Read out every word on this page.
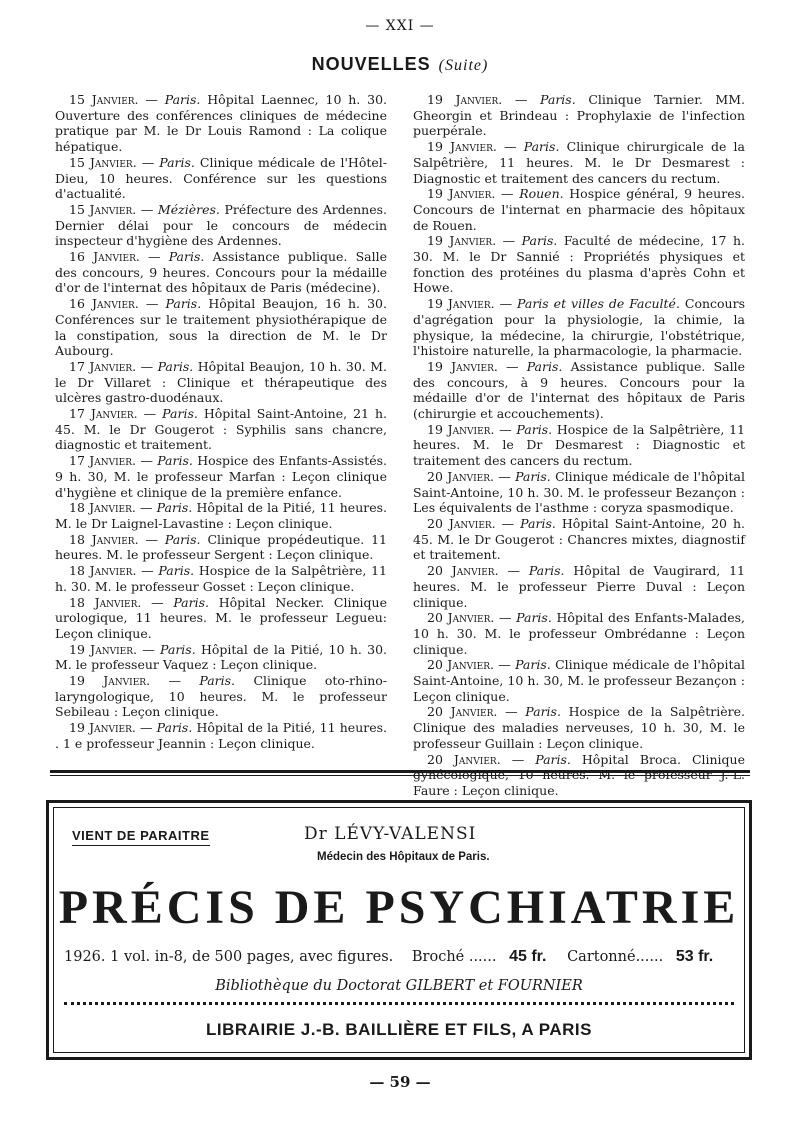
— XXI —
NOUVELLES (Suite)

15 Janvier. — Paris. Hôpital Laennec, 10 h. 30. Ouverture des conférences cliniques de médecine pratique par M. le Dr Louis Ramond : La colique hépatique.

15 Janvier. — Paris. Clinique médicale de l'Hôtel-Dieu, 10 heures. Conférence sur les questions d'actualité.

15 Janvier. — Mézières. Préfecture des Ardennes. Dernier délai pour le concours de médecin inspecteur d'hygiène des Ardennes.

16 Janvier. — Paris. Assistance publique. Salle des concours, 9 heures. Concours pour la médaille d'or de l'internat des hôpitaux de Paris (médecine).

16 Janvier. — Paris. Hôpital Beaujon, 16 h. 30. Conférences sur le traitement physiothérapique de la constipation, sous la direction de M. le Dr Aubourg.

17 Janvier. — Paris. Hôpital Beaujon, 10 h. 30. M. le Dr Villaret : Clinique et thérapeutique des ulcères gastro-duodénaux.

17 Janvier. — Paris. Hôpital Saint-Antoine, 21 h. 45. M. le Dr Gougerot : Syphilis sans chancre, diagnostic et traitement.

17 Janvier. — Paris. Hospice des Enfants-Assistés. 9 h. 30, M. le professeur Marfan : Leçon clinique d'hygiène et clinique de la première enfance.

18 Janvier. — Paris. Hôpital de la Pitié, 11 heures. M. le Dr Laignel-Lavastine : Leçon clinique.

18 Janvier. — Paris. Clinique propédeutique. 11 heures. M. le professeur Sergent : Leçon clinique.

18 Janvier. — Paris. Hospice de la Salpêtrière, 11 h. 30. M. le professeur Gosset : Leçon clinique.

18 Janvier. — Paris. Hôpital Necker. Clinique urologique, 11 heures. M. le professeur Legueu: Leçon clinique.

19 Janvier. — Paris. Hôpital de la Pitié, 10 h. 30. M. le professeur Vaquez : Leçon clinique.

19 Janvier. — Paris. Clinique oto-rhino-laryngologique, 10 heures. M. le professeur Sebileau : Leçon clinique.

19 Janvier. — Paris. Hôpital de la Pitié, 11 heures. . 1 e professeur Jeannin : Leçon clinique.

19 Janvier. — Paris. Clinique Tarnier. MM. Gheorgin et Brindeau : Prophylaxie de l'infection puerpérale.

19 Janvier. — Paris. Clinique chirurgicale de la Salpêtrière, 11 heures. M. le Dr Desmarest : Diagnostic et traitement des cancers du rectum.

19 Janvier. — Rouen. Hospice général, 9 heures. Concours de l'internat en pharmacie des hôpitaux de Rouen.

19 Janvier. — Paris. Faculté de médecine, 17 h. 30. M. le Dr Sannié : Propriétés physiques et fonction des protéines du plasma d'après Cohn et Howe.

19 Janvier. — Paris et villes de Faculté. Concours d'agrégation pour la physiologie, la chimie, la physique, la médecine, la chirurgie, l'obstétrique, l'histoire naturelle, la pharmacologie, la pharmacie.

19 Janvier. — Paris. Assistance publique. Salle des concours, à 9 heures. Concours pour la médaille d'or de l'internat des hôpitaux de Paris (chirurgie et accouchements).

19 Janvier. — Paris. Hospice de la Salpêtrière, 11 heures. M. le Dr Desmarest : Diagnostic et traitement des cancers du rectum.

20 Janvier. — Paris. Clinique médicale de l'hôpital Saint-Antoine, 10 h. 30. M. le professeur Bezançon : Les équivalents de l'asthme : coryza spasmodique.

20 Janvier. — Paris. Hôpital Saint-Antoine, 20 h. 45. M. le Dr Gougerot : Chancres mixtes, diagnostif et traitement.

20 Janvier. — Paris. Hôpital de Vaugirard, 11 heures. M. le professeur Pierre Duval : Leçon clinique.

20 Janvier. — Paris. Hôpital des Enfants-Malades, 10 h. 30. M. le professeur Ombrédanne : Leçon clinique.

20 Janvier. — Paris. Clinique médicale de l'hôpital Saint-Antoine, 10 h. 30, M. le professeur Bezançon : Leçon clinique.

20 Janvier. — Paris. Hospice de la Salpêtrière. Clinique des maladies nerveuses, 10 h. 30, M. le professeur Guillain : Leçon clinique.

20 Janvier. — Paris. Hôpital Broca. Clinique le Faure : Leçon clinique.

VIENT DE PARAITRE	Dr LÉVY-VALENSI
Médecin des Hôpitaux de Paris.
PRÉCIS DE PSYCHIATRIE
1926. 1 vol. in-8, de 500 pages, avec figures. Broché ...... 45 fr. Cartonné...... 53 fr.
Bibliothèque du Doctorat GILBERT et FOURNIER
LIBRAIRIE J.-B. BAILLIÈRE ET FILS, A PARIS
— 59 —
